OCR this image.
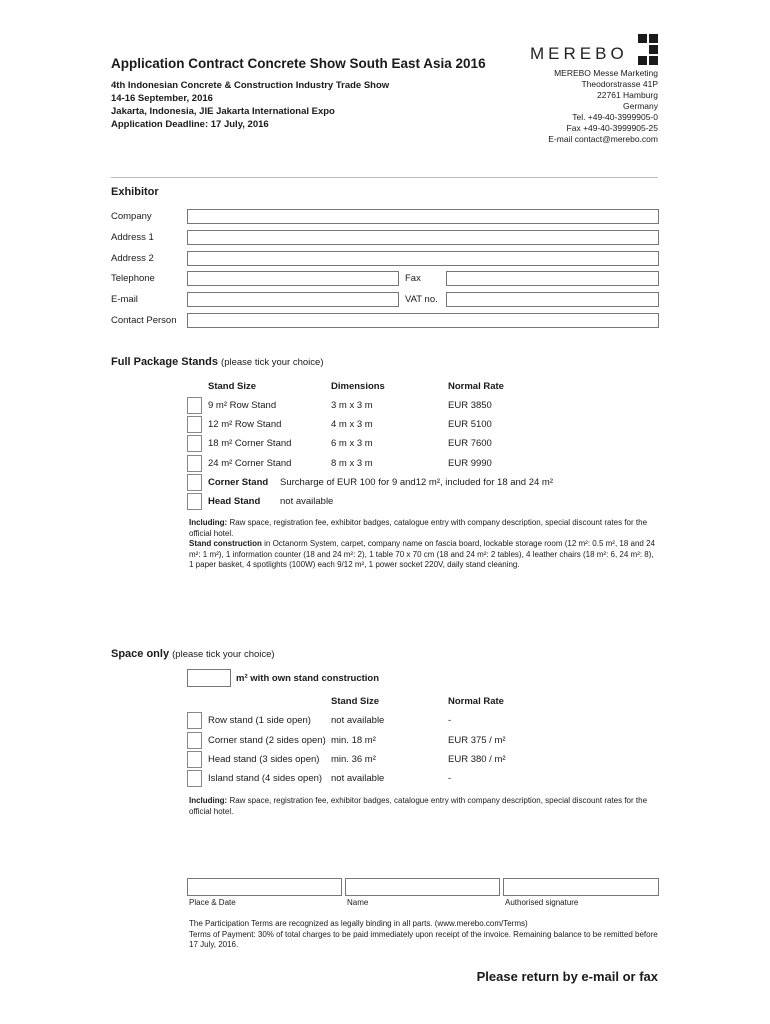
Application Contract Concrete Show South East Asia 2016
4th Indonesian Concrete & Construction Industry Trade Show
14-16 September, 2016
Jakarta, Indonesia, JIE Jakarta International Expo
Application Deadline: 17 July, 2016
MEREBO
MEREBO Messe Marketing
Theodorstrasse 41P
22761 Hamburg
Germany
Tel. +49-40-3999905-0
Fax +49-40-3999905-25
E-mail contact@merebo.com
Exhibitor
Company
Address 1
Address 2
Telephone	Fax
E-mail	VAT no.
Contact Person
Full Package Stands (please tick your choice)
Stand Size	Dimensions	Normal Rate
9 m² Row Stand	3 m x 3 m	EUR 3850
12 m² Row Stand	4 m x 3 m	EUR 5100
18 m² Corner Stand	6 m x 3 m	EUR 7600
24 m² Corner Stand	8 m x 3 m	EUR 9990
Corner Stand Surcharge of EUR 100 for 9 and12 m², included for 18 and 24 m²
Head Stand not available
Including: Raw space, registration fee, exhibitor badges, catalogue entry with company description, special discount rates for the official hotel.
Stand construction in Octanorm System, carpet, company name on fascia board, lockable storage room (12 m²: 0.5 m², 18 and 24 m²: 1 m²), 1 information counter (18 and 24 m²: 2), 1 table 70 x 70 cm (18 and 24 m²: 2 tables), 4 leather chairs (18 m²: 6, 24 m²: 8), 1 paper basket, 4 spotlights (100W) each 9/12 m², 1 power socket 220V, daily stand cleaning.
Space only (please tick your choice)
m² with own stand construction
Stand Size	Normal Rate
Row stand (1 side open) not available	-
Corner stand (2 sides open) min. 18 m²	EUR 375 / m²
Head stand (3 sides open) min. 36 m²	EUR 380 / m²
Island stand (4 sides open) not available	-
Including: Raw space, registration fee, exhibitor badges, catalogue entry with company description, special discount rates for the official hotel.
Place & Date	Name	Authorised signature
The Participation Terms are recognized as legally binding in all parts. (www.merebo.com/Terms)
Terms of Payment: 30% of total charges to be paid immediately upon receipt of the invoice. Remaining balance to be remitted before 17 July, 2016.
Please return by e-mail or fax
